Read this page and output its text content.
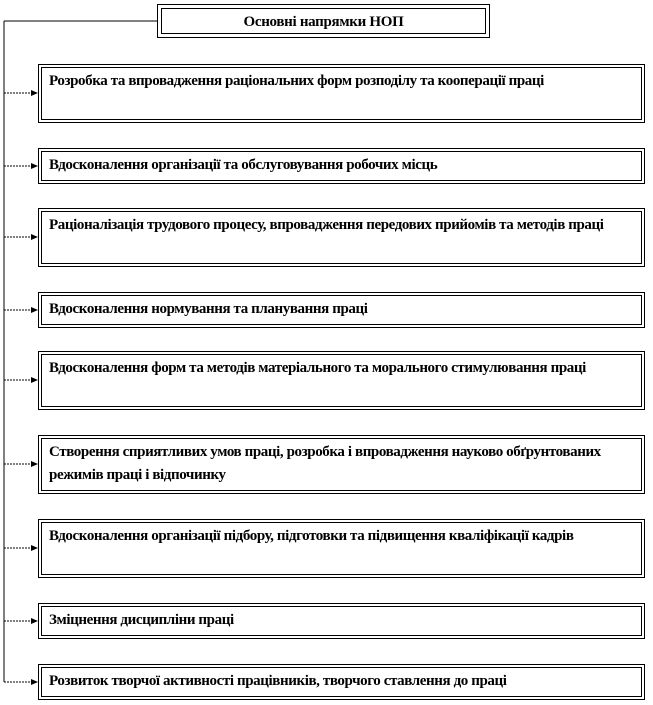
Основні напрямки НОП
Розробка та впровадження раціональних форм розподілу та кооперації праці
Вдосконалення організації та обслуговування робочих місць
Раціоналізація трудового процесу, впровадження передових прийомів та методів праці
Вдосконалення нормування та планування праці
Вдосконалення форм та методів матеріального та морального стимулювання праці
Створення сприятливих умов праці, розробка і впровадження науково обґрунтованих режимів праці і відпочинку
Вдосконалення організації підбору, підготовки та підвищення кваліфікації кадрів
Зміцнення дисципліни праці
Розвиток творчої активності працівників, творчого ставлення до праці
